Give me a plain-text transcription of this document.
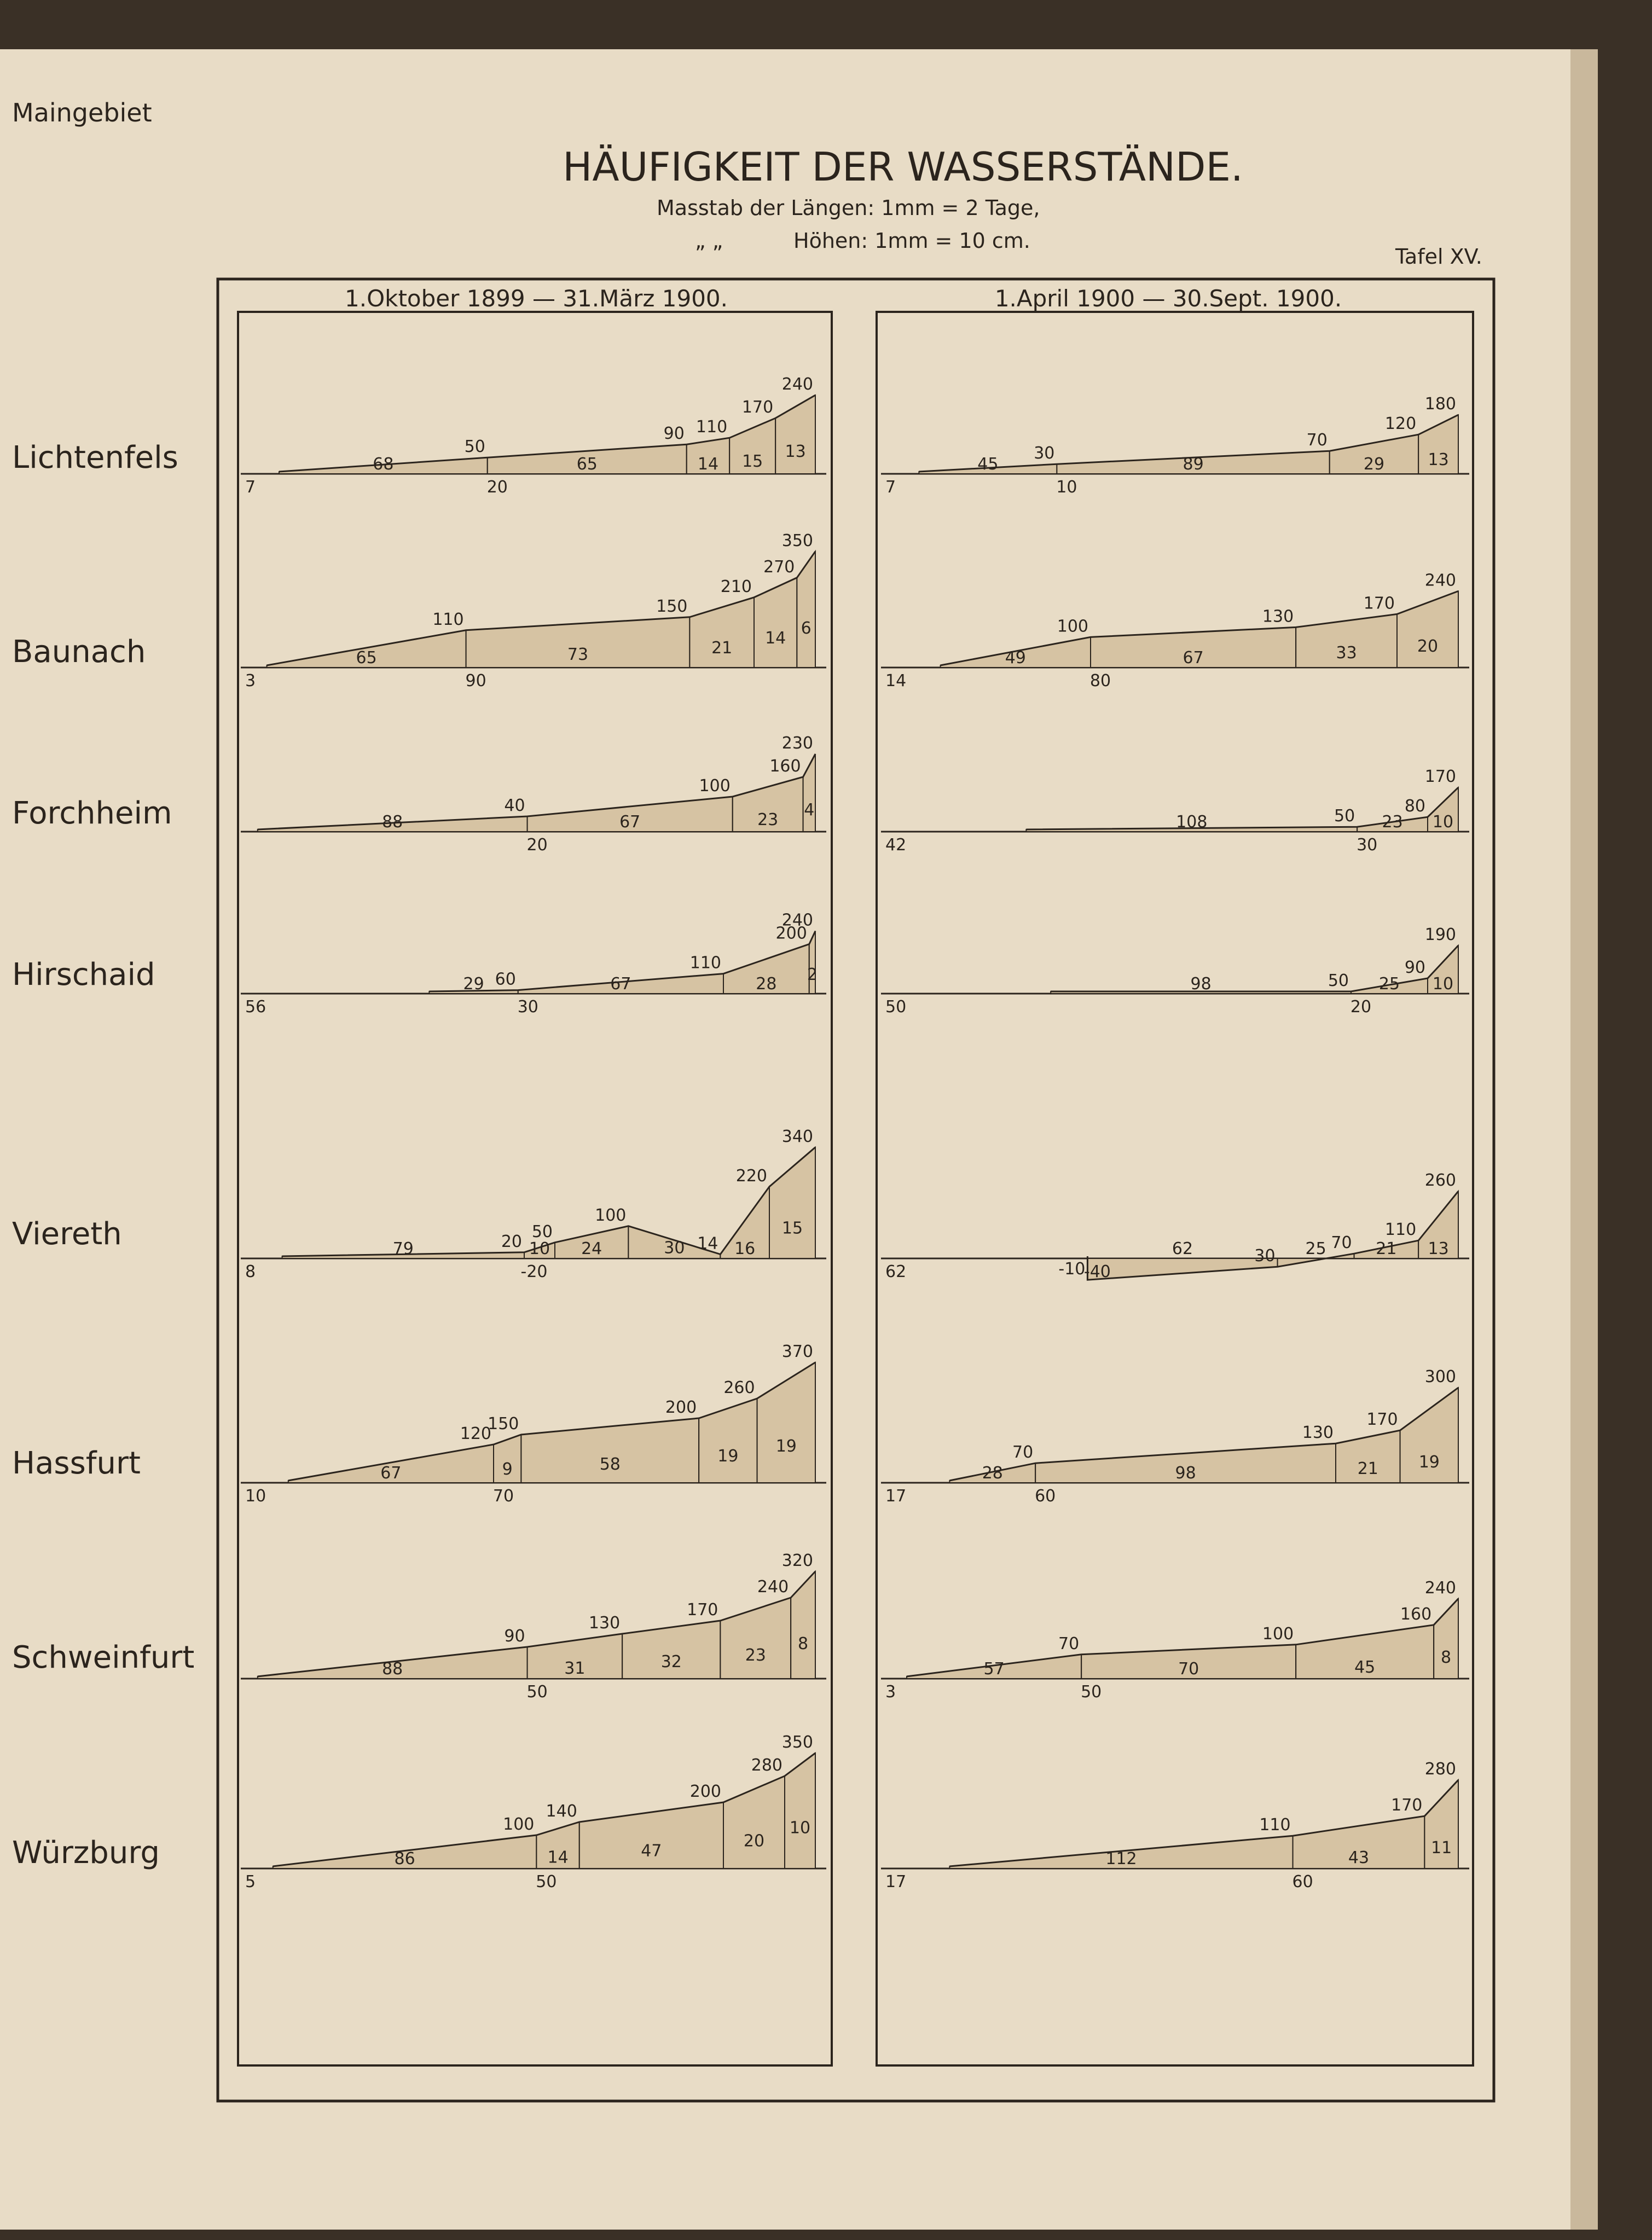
Maingebiet
HÄUFIGKEIT DER WASSERSTÄNDE.
Masstab der Längen: 1mm = 2 Tage,
„ „	Höhen: 1mm = 10 cm.
Tafel XV.
1.Oktober 1899 — 31.März 1900.	1.April 1900 — 30.Sept. 1900.
Lichtenfels	68
50
65
90
14
110
15
170
13
240
7	20
45
30
89
70
29
120
13
180
7	10
Baunach	65
110
73
150
21
210
14
270
6
350
3	90
49
100
67
130
33
170
20
240
14	80
Forchheim	88
40
67
100
23
160
4
230
20
108	50 23
80
10
170
42	30
Hirschaid	29 60	67
110
28
200
2
240
56	30
98	50 25
90
10
190
50	20
Viereth	79	20 10
50
24
100
30 14 16
220
15
340
8	-20	-10
62	30 25 70 21
110
13
260
62	-40
Hassfurt	67
120
9
150
58
200
19
260
19
370
10	70
28
70
98
130
21
170
19
300
17	60
Schweinfurt	88
90
31
130
32
170
23
240
8
320
50
57
70
70
100
45
160
8
240
3	50
Würzburg	86
100
14
140
47
200
20
280
10
350
5	50
112
110
43
170
11
280
17	60
